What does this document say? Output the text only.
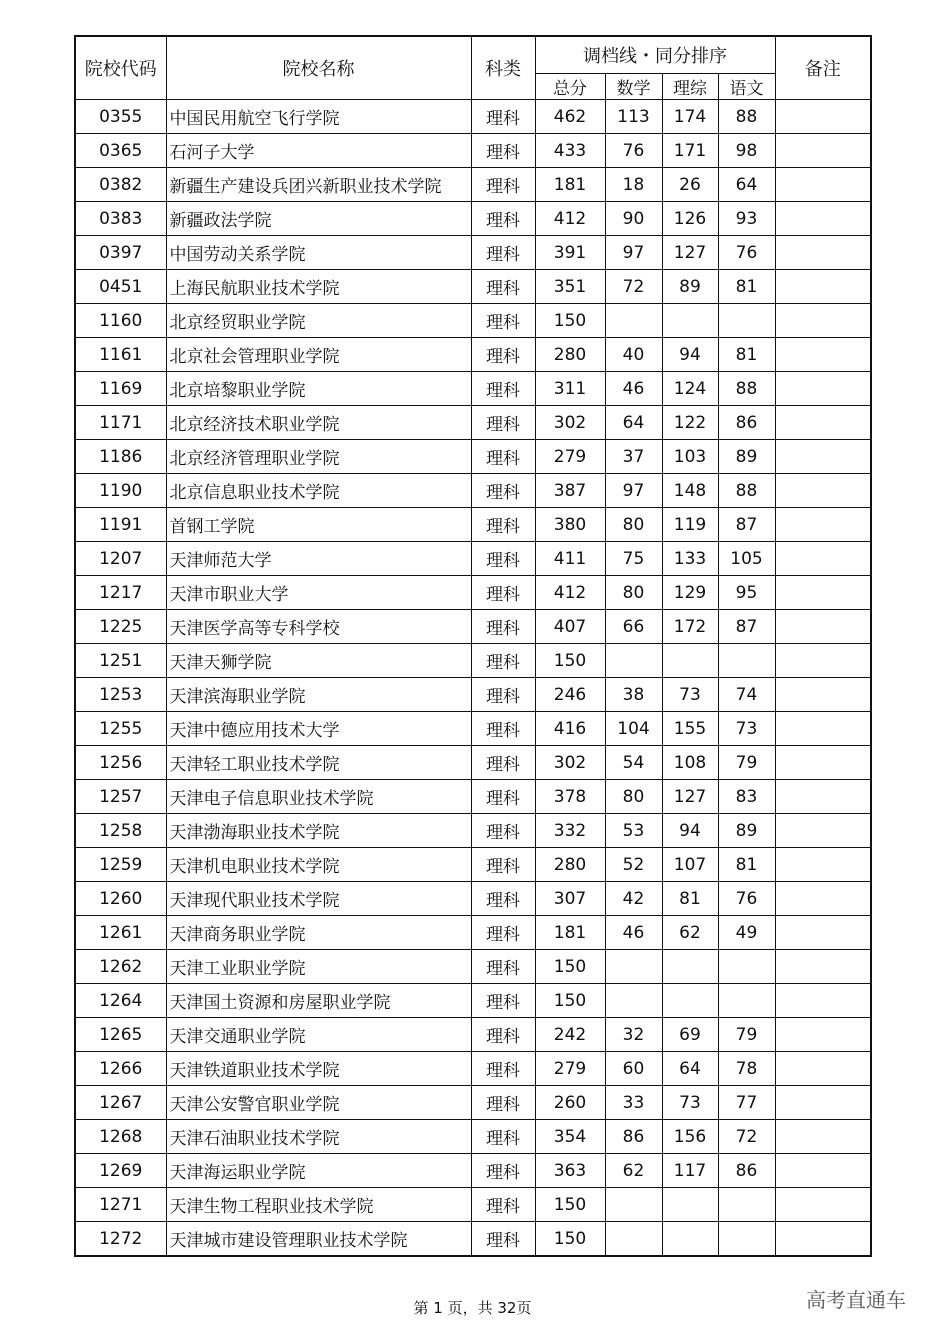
院校代码	院校名称	科类	调档线・同分排序				备注
			总分	数学	理综	语文	
0355	中国民用航空飞行学院	理科	462	113	174	88	
0365	石河子大学	理科	433	76	171	98	
0382	新疆生产建设兵团兴新职业技术学院	理科	181	18	26	64	
0383	新疆政法学院	理科	412	90	126	93	
0397	中国劳动关系学院	理科	391	97	127	76	
0451	上海民航职业技术学院	理科	351	72	89	81	
1160	北京经贸职业学院	理科	150				
1161	北京社会管理职业学院	理科	280	40	94	81	
1169	北京培黎职业学院	理科	311	46	124	88	
1171	北京经济技术职业学院	理科	302	64	122	86	
1186	北京经济管理职业学院	理科	279	37	103	89	
1190	北京信息职业技术学院	理科	387	97	148	88	
1191	首钢工学院	理科	380	80	119	87	
1207	天津师范大学	理科	411	75	133	105	
1217	天津市职业大学	理科	412	80	129	95	
1225	天津医学高等专科学校	理科	407	66	172	87	
1251	天津天狮学院	理科	150				
1253	天津滨海职业学院	理科	246	38	73	74	
1255	天津中德应用技术大学	理科	416	104	155	73	
1256	天津轻工职业技术学院	理科	302	54	108	79	
1257	天津电子信息职业技术学院	理科	378	80	127	83	
1258	天津渤海职业技术学院	理科	332	53	94	89	
1259	天津机电职业技术学院	理科	280	52	107	81	
1260	天津现代职业技术学院	理科	307	42	81	76	
1261	天津商务职业学院	理科	181	46	62	49	
1262	天津工业职业学院	理科	150				
1264	天津国土资源和房屋职业学院	理科	150				
1265	天津交通职业学院	理科	242	32	69	79	
1266	天津铁道职业技术学院	理科	279	60	64	78	
1267	天津公安警官职业学院	理科	260	33	73	77	
1268	天津石油职业技术学院	理科	354	86	156	72	
1269	天津海运职业学院	理科	363	62	117	86	
1271	天津生物工程职业技术学院	理科	150				
1272	天津城市建设管理职业技术学院	理科	150				
第 1 页，共 32页	高考直通车
